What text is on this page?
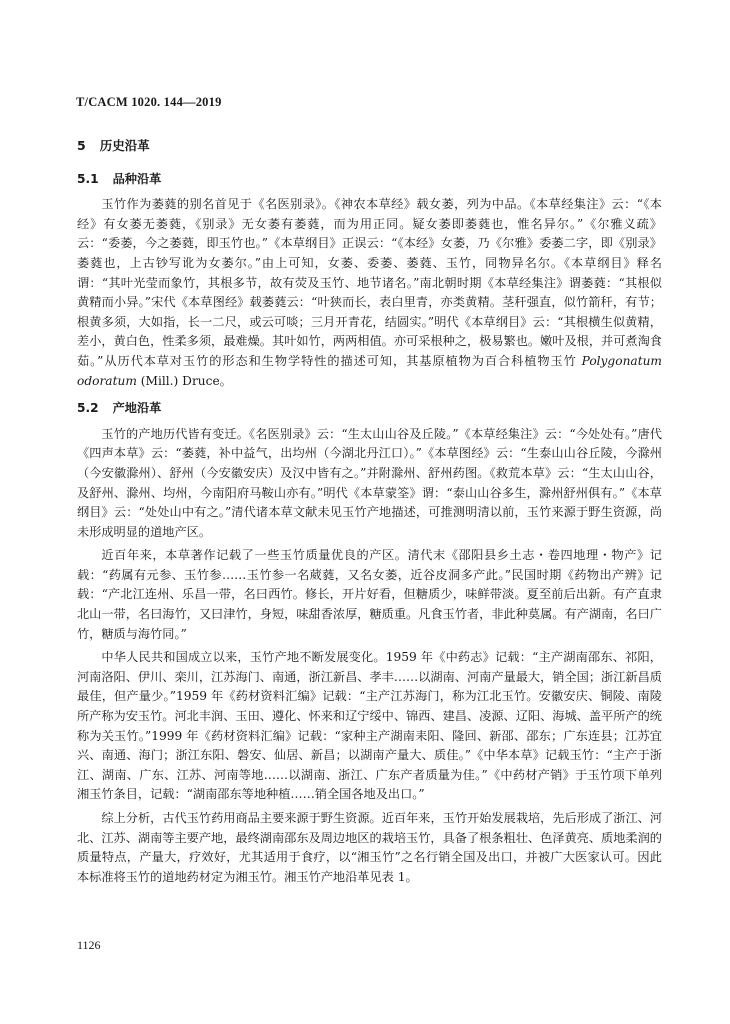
T/CACM 1020. 144—2019
5 历史沿革
5.1 品种沿革

玉竹作为萎蕤的别名首见于《名医别录》。《神农本草经》载女萎，列为中品。《本草经集注》云：“《本经》有女萎无萎蕤，《别录》无女萎有萎蕤，而为用正同。疑女萎即萎蕤也，惟名异尔。”《尔雅义疏》云：“委萎，今之萎蕤，即玉竹也。”《本草纲目》正误云：“《本经》女萎，乃《尔雅》委萎二字，即《别录》萎蕤也，上古钞写讹为女萎尔。”由上可知，女萎、委萎、萎蕤、玉竹，同物异名尔。《本草纲目》释名谓：“其叶光莹而象竹，其根多节，故有荧及玉竹、地节诸名。”南北朝时期《本草经集注》谓萎蕤：“其根似黄精而小异。”宋代《本草图经》载萎蕤云：“叶狭而长，表白里青，亦类黄精。茎秆强直，似竹箭秆，有节；根黄多须，大如指，长一二尺，或云可啖；三月开青花，结圆实。”明代《本草纲目》云：“其根横生似黄精，差小，黄白色，性柔多须，最难燥。其叶如竹，两两相值。亦可采根种之，极易繁也。嫩叶及根，并可煮淘食茹。”从历代本草对玉竹的形态和生物学特性的描述可知，其基原植物为百合科植物玉竹 Polygonatum odoratum (Mill.) Druce。

5.2 产地沿革

玉竹的产地历代皆有变迁。《名医别录》云：“生太山山谷及丘陵。”《本草经集注》云：“今处处有。”唐代《四声本草》云：“萎蕤，补中益气，出均州（今湖北丹江口）。”《本草图经》云：“生泰山山谷丘陵，今滁州（今安徽滁州）、舒州（今安徽安庆）及汉中皆有之。”并附滁州、舒州药图。《救荒本草》云：“生太山山谷，及舒州、滁州、均州，今南阳府马鞍山亦有。”明代《本草蒙筌》谓：“泰山山谷多生，滁州舒州俱有。”《本草纲目》云：“处处山中有之。”清代诸本草文献未见玉竹产地描述，可推测明清以前，玉竹来源于野生资源，尚未形成明显的道地产区。

近百年来，本草著作记载了一些玉竹质量优良的产区。清代末《邵阳县乡土志・卷四地理・物产》记载：“药属有元参、玉竹参……玉竹参一名葳蕤，又名女萎，近谷皮洞多产此。”民国时期《药物出产辨》记载：“产北江连州、乐昌一带，名曰西竹。修长，开片好看，但糖质少，味鲜带淡。夏至前后出新。有产直隶北山一带，名曰海竹，又曰津竹，身短，味甜香浓厚，糖质重。凡食玉竹者，非此种莫属。有产湖南，名曰广竹，糖质与海竹同。”

中华人民共和国成立以来，玉竹产地不断发展变化。1959 年《中药志》记载：“主产湖南邵东、祁阳，河南洛阳、伊川、栾川，江苏海门、南通，浙江新昌、孝丰……以湖南、河南产量最大，销全国；浙江新昌质最佳，但产量少。”1959 年《药材资料汇编》记载：“主产江苏海门，称为江北玉竹。安徽安庆、铜陵、南陵所产称为安玉竹。河北丰润、玉田、遵化、怀来和辽宁绥中、锦西、建昌、凌源、辽阳、海城、盖平所产的统称为关玉竹。”1999 年《药材资料汇编》记载：“家种主产湖南耒阳、隆回、新邵、邵东；广东连县；江苏宜兴、南通、海门；浙江东阳、磐安、仙居、新昌；以湖南产量大、质佳。”《中华本草》记载玉竹：“主产于浙江、湖南、广东、江苏、河南等地……以湖南、浙江、广东产者质量为佳。”《中药材产销》于玉竹项下单列湘玉竹条目，记载：“湖南邵东等地种植……销全国各地及出口。”

综上分析，古代玉竹药用商品主要来源于野生资源。近百年来，玉竹开始发展栽培，先后形成了浙江、河北、江苏、湖南等主要产地，最终湖南邵东及周边地区的栽培玉竹，具备了根条粗壮、色泽黄亮、质地柔润的质量特点，产量大，疗效好，尤其适用于食疗，以“湘玉竹”之名行销全国及出口，并被广大医家认可。因此本标准将玉竹的道地药材定为湘玉竹。湘玉竹产地沿革见表 1。

1126
